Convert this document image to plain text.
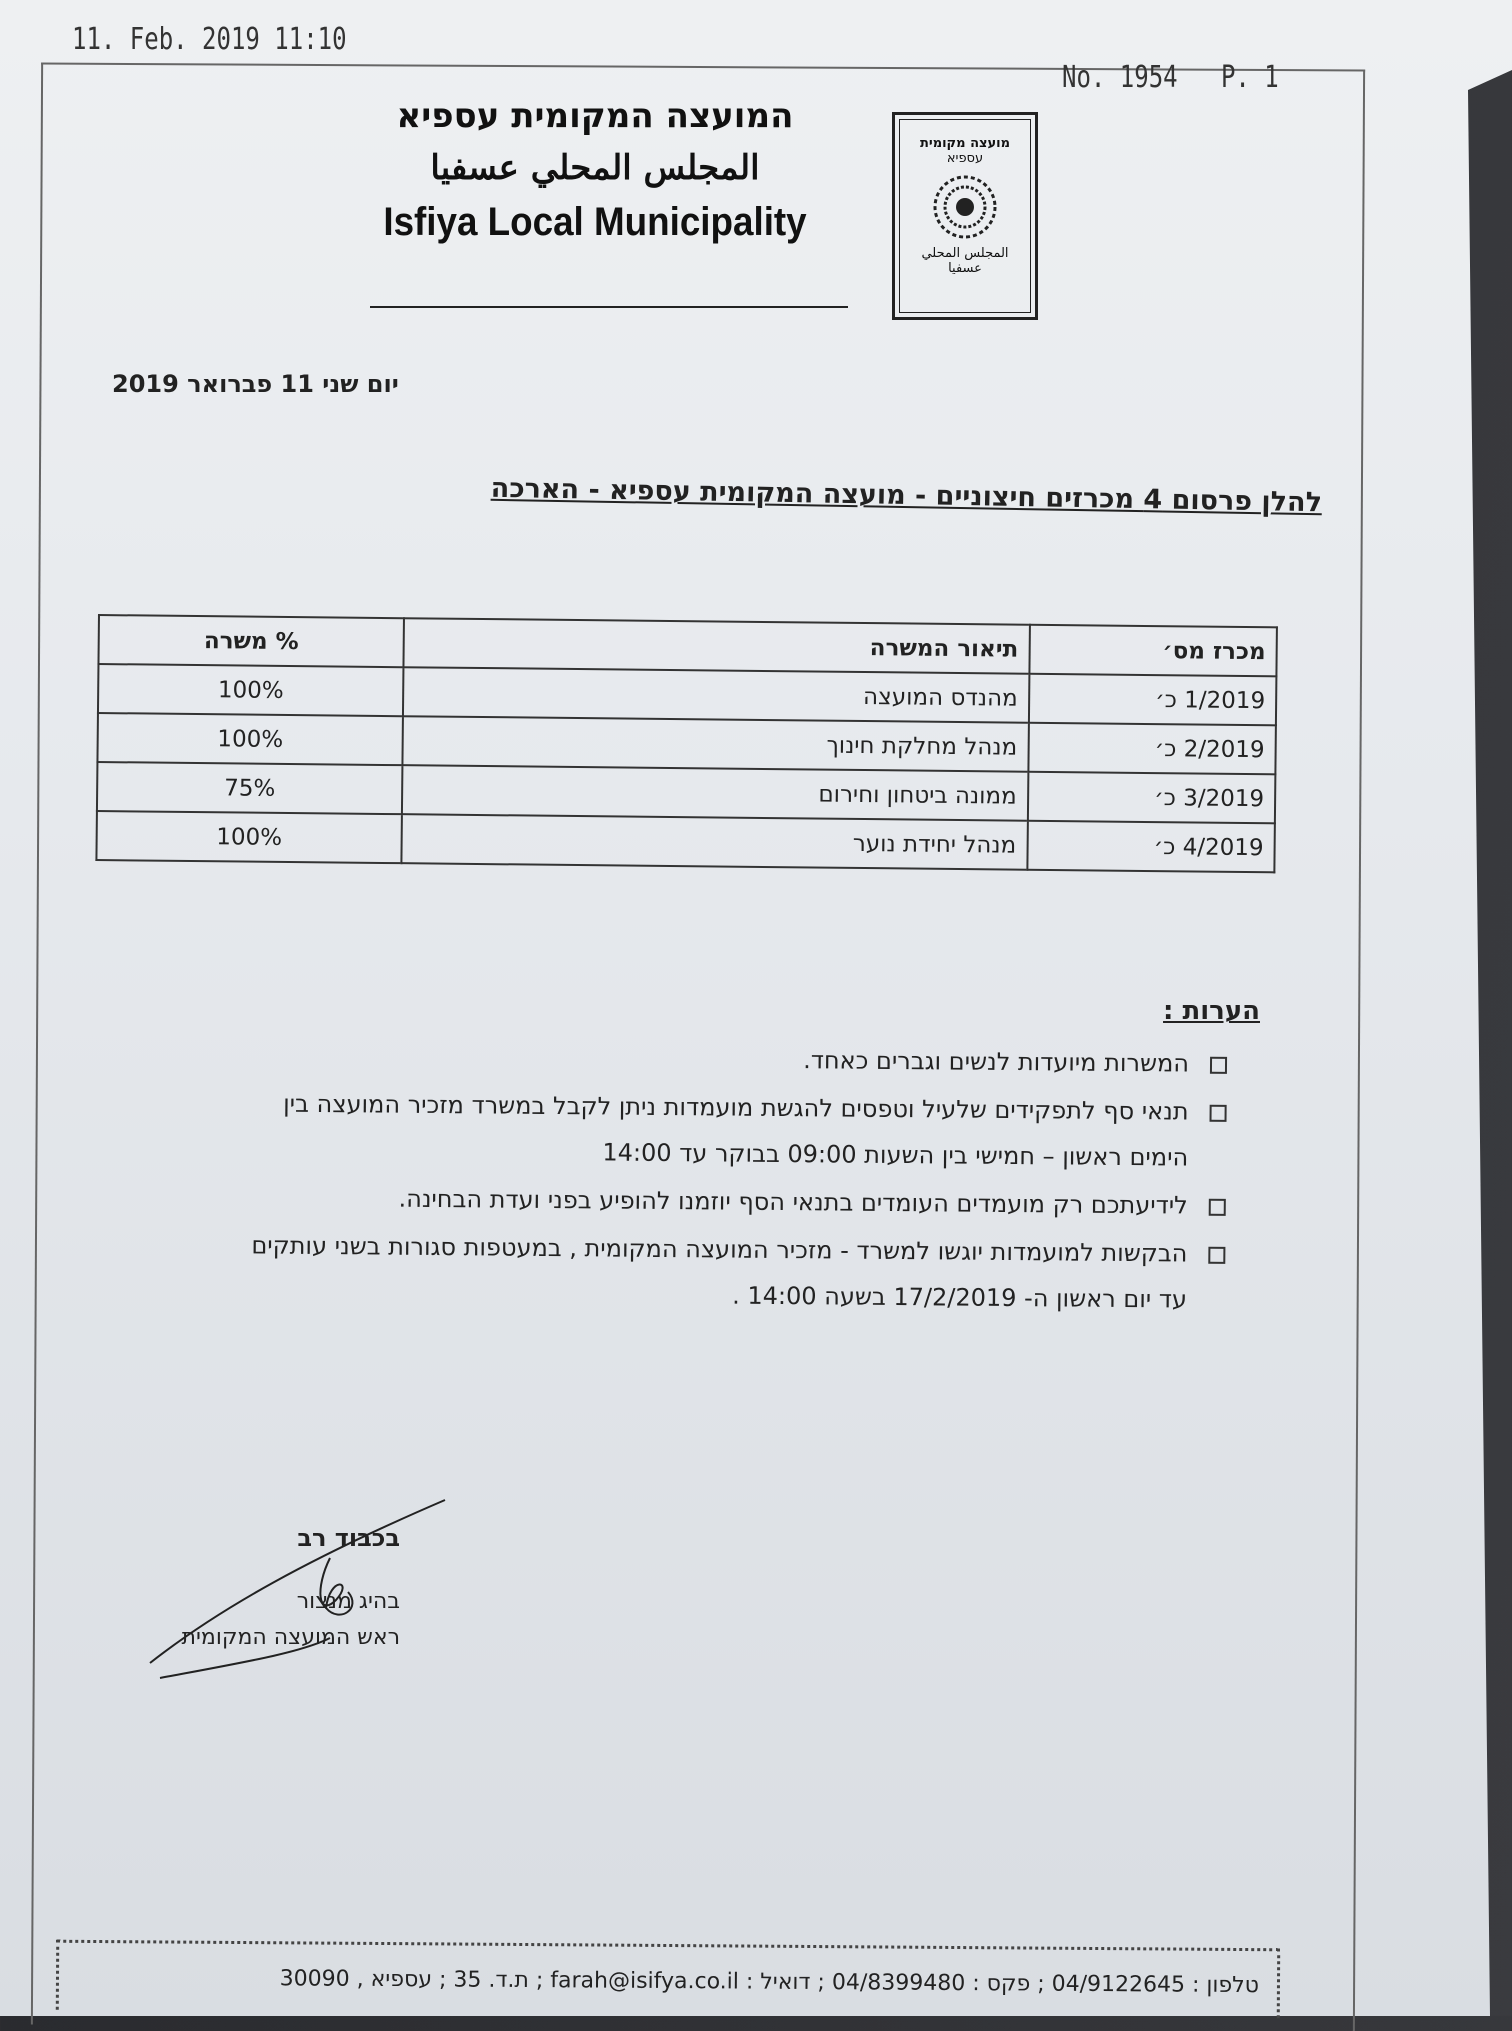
11. Feb. 2019 11:10
No. 1954 P. 1
המועצה המקומית עספיא
المجلس المحلي عسفيا
Isfiya Local Municipality
מועצה מקומית
עספיא
المجلس المحلي
عسفيا
יום שני 11 פברואר 2019
להלן פרסום 4 מכרזים חיצוניים - מועצה המקומית עספיא - הארכה
מכרז מס׳	תיאור המשרה	% משרה
1/2019 כ׳	מהנדס המועצה	100%
2/2019 כ׳	מנהל מחלקת חינוך	100%
3/2019 כ׳	ממונה ביטחון וחירום	75%
4/2019 כ׳	מנהל יחידת נוער	100%
הערות :
המשרות מיועדות לנשים וגברים כאחד.
תנאי סף לתפקידים שלעיל וטפסים להגשת מועמדות ניתן לקבל במשרד מזכיר המועצה בין
הימים ראשון – חמישי בין השעות 09:00 בבוקר עד 14:00
לידיעתכם רק מועמדים העומדים בתנאי הסף יוזמנו להופיע בפני ועדת הבחינה.
הבקשות למועמדות יוגשו למשרד - מזכיר המועצה המקומית , במעטפות סגורות בשני עותקים
עד יום ראשון ה- 17/2/2019 בשעה 14:00 .
בכבוד רב
בהיג מנצור
ראש המועצה המקומית
טלפון : 04/9122645 ; פקס : 04/8399480 ; דואיל : farah@isifya.co.il ; ת.ד. 35 ; עספיא , 30090
